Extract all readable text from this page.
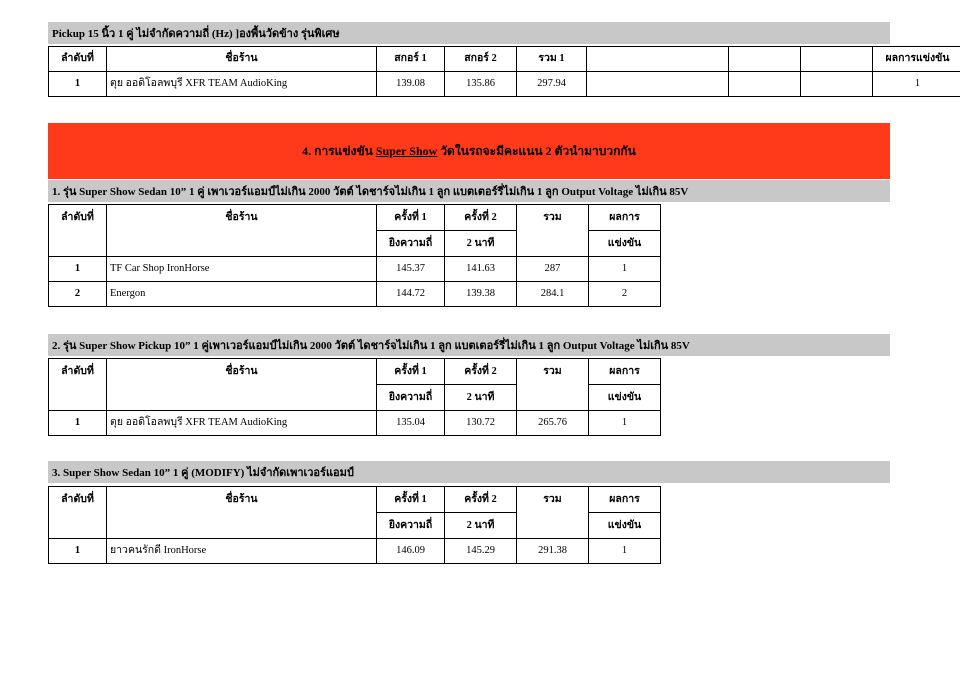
Pickup 15 นิ้ว 1 คู่ ไม่จำกัดความถี่ (Hz) ]องพื้นวัดข้าง รุ่นพิเศษ
ลำดับที่	ชื่อร้าน	สกอร์ 1	สกอร์ 2	รวม 1				ผลการแข่งขัน
1	ตุย ออดิโอลพบุรี XFR TEAM AudioKing	139.08	135.86	297.94				1
4. การแข่งขัน
Super Show
วัดในรถจะมีคะแนน 2 ตัวนำมาบวกกัน
1. รุ่น Super Show Sedan 10” 1 คู่ เพาเวอร์แอมป์ไม่เกิน 2000 วัตต์ ไดชาร์จไม่เกิน 1 ลูก แบตเตอร์รี่ไม่เกิน 1 ลูก Output Voltage ไม่เกิน 85V
ลำดับที่	ชื่อร้าน	ครั้งที่ 1	ครั้งที่ 2	รวม	ผลการ
		ยิงความถี่	2 นาที		แข่งขัน
1	TF Car Shop IronHorse	145.37	141.63	287	1
2	Energon	144.72	139.38	284.1	2
2. รุ่น Super Show Pickup 10” 1 คู่เพาเวอร์แอมป์ไม่เกิน 2000 วัตต์ ไดชาร์จไม่เกิน 1 ลูก แบตเตอร์รี่ไม่เกิน 1 ลูก Output Voltage ไม่เกิน 85V
ลำดับที่	ชื่อร้าน	ครั้งที่ 1	ครั้งที่ 2	รวม	ผลการ
		ยิงความถี่	2 นาที		แข่งขัน
1	ตุย ออดิโอลพบุรี XFR TEAM AudioKing	135.04	130.72	265.76	1
3. Super Show Sedan 10” 1 คู่ (MODIFY) ไม่จำกัดเพาเวอร์แอมป์
ลำดับที่	ชื่อร้าน	ครั้งที่ 1	ครั้งที่ 2	รวม	ผลการ
		ยิงความถี่	2 นาที		แข่งขัน
1	ยาวคนรักดี IronHorse	146.09	145.29	291.38	1
